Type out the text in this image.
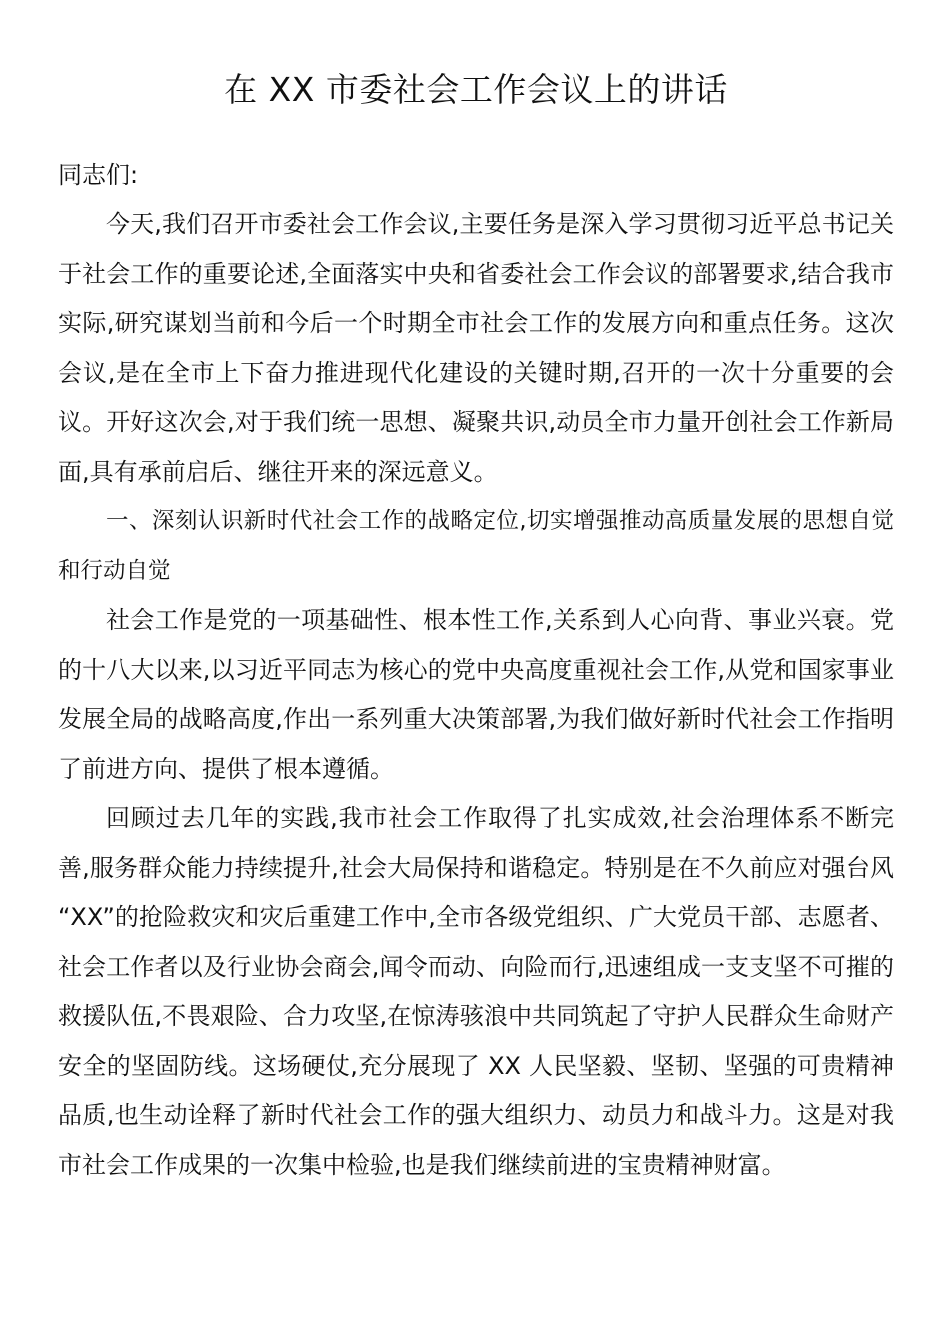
在 XX 市委社会工作会议上的讲话

同志们:

今天,我们召开市委社会工作会议,主要任务是深入学习贯彻习近平总书记关于社会工作的重要论述,全面落实中央和省委社会工作会议的部署要求,结合我市实际,研究谋划当前和今后一个时期全市社会工作的发展方向和重点任务。这次会议,是在全市上下奋力推进现代化建设的关键时期,召开的一次十分重要的会议。开好这次会,对于我们统一思想、凝聚共识,动员全市力量开创社会工作新局面,具有承前启后、继往开来的深远意义。

一、深刻认识新时代社会工作的战略定位,切实增强推动高质量发展的思想自觉和行动自觉

社会工作是党的一项基础性、根本性工作,关系到人心向背、事业兴衰。党的十八大以来,以习近平同志为核心的党中央高度重视社会工作,从党和国家事业发展全局的战略高度,作出一系列重大决策部署,为我们做好新时代社会工作指明了前进方向、提供了根本遵循。

回顾过去几年的实践,我市社会工作取得了扎实成效,社会治理体系不断完善,服务群众能力持续提升,社会大局保持和谐稳定。特别是在不久前应对强台风 “XX”的抢险救灾和灾后重建工作中,全市各级党组织、广大党员干部、志愿者、社会工作者以及行业协会商会,闻令而动、向险而行,迅速组成一支支坚不可摧的救援队伍,不畏艰险、合力攻坚,在惊涛骇浪中共同筑起了守护人民群众生命财产安全的坚固防线。这场硬仗,充分展现了 XX 人民坚毅、坚韧、坚强的可贵精神品质,也生动诠释了新时代社会工作的强大组织力、动员力和战斗力。这是对我市社会工作成果的一次集中检验,也是我们继续前进的宝贵精神财富。
